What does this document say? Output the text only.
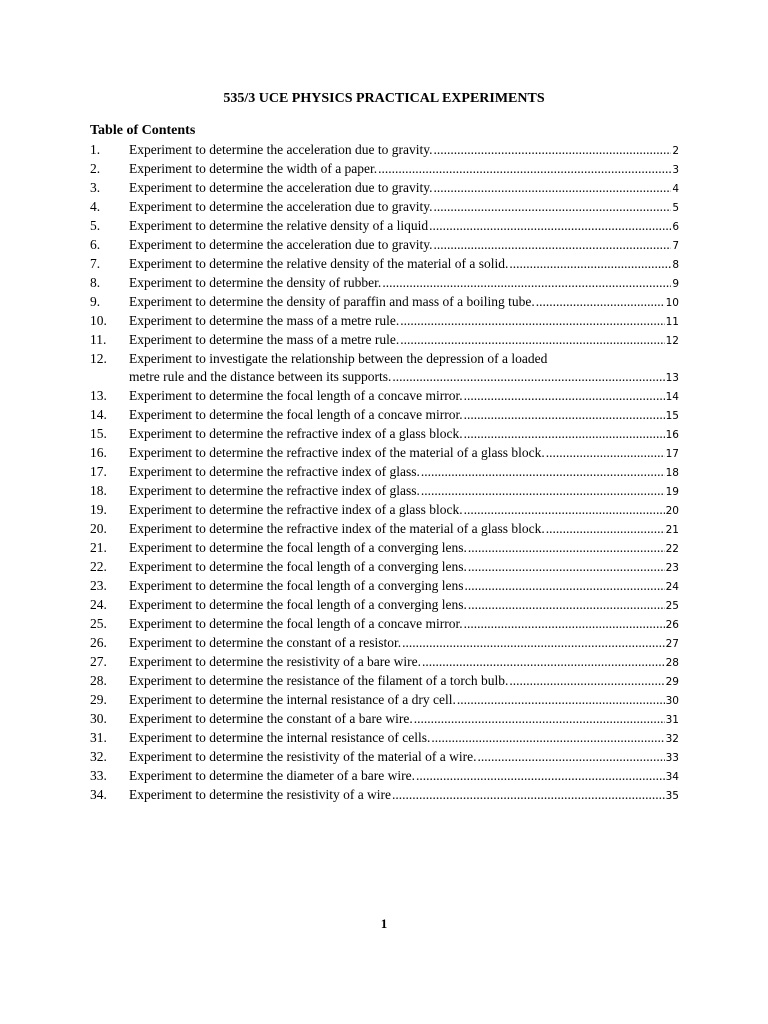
535/3 UCE PHYSICS PRACTICAL EXPERIMENTS
Table of Contents
1.	Experiment to determine the acceleration due to gravity. .....	2
2.	Experiment to determine the width of a paper. .....	3
3.	Experiment to determine the acceleration due to gravity. .....	4
4.	Experiment to determine the acceleration due to gravity. .....	5
5.	Experiment to determine the relative density of a liquid .....	6
6.	Experiment to determine the acceleration due to gravity. .....	7
7.	Experiment to determine the relative density of the material of a solid. .....	8
8.	Experiment to determine the density of rubber. .....	9
9.	Experiment to determine the density of paraffin and mass of a boiling tube. .....	10
10.	Experiment to determine the mass of a metre rule. .....	11
11.	Experiment to determine the mass of a metre rule. .....	12
12.	Experiment to investigate the relationship between the depression of a loaded
metre rule and the distance between its supports. .....	13
13.	Experiment to determine the focal length of a concave mirror. .....	14
14.	Experiment to determine the focal length of a concave mirror. .....	15
15.	Experiment to determine the refractive index of a glass block. .....	16
16.	Experiment to determine the refractive index of the material of a glass block. .....	17
17.	Experiment to determine the refractive index of glass. .....	18
18.	Experiment to determine the refractive index of glass. .....	19
19.	Experiment to determine the refractive index of a glass block. .....	20
20.	Experiment to determine the refractive index of the material of a glass block. .....	21
21.	Experiment to determine the focal length of a converging lens. .....	22
22.	Experiment to determine the focal length of a converging lens. .....	23
23.	Experiment to determine the focal length of a converging lens .....	24
24.	Experiment to determine the focal length of a converging lens. .....	25
25.	Experiment to determine the focal length of a concave mirror. .....	26
26.	Experiment to determine the constant of a resistor. .....	27
27.	Experiment to determine the resistivity of a bare wire. .....	28
28.	Experiment to determine the resistance of the filament of a torch bulb. .....	29
29.	Experiment to determine the internal resistance of a dry cell. .....	30
30.	Experiment to determine the constant of a bare wire. .....	31
31.	Experiment to determine the internal resistance of cells. .....	32
32.	Experiment to determine the resistivity of the material of a wire. .....	33
33.	Experiment to determine the diameter of a bare wire. .....	34
34.	Experiment to determine the resistivity of a wire .....	35
1
